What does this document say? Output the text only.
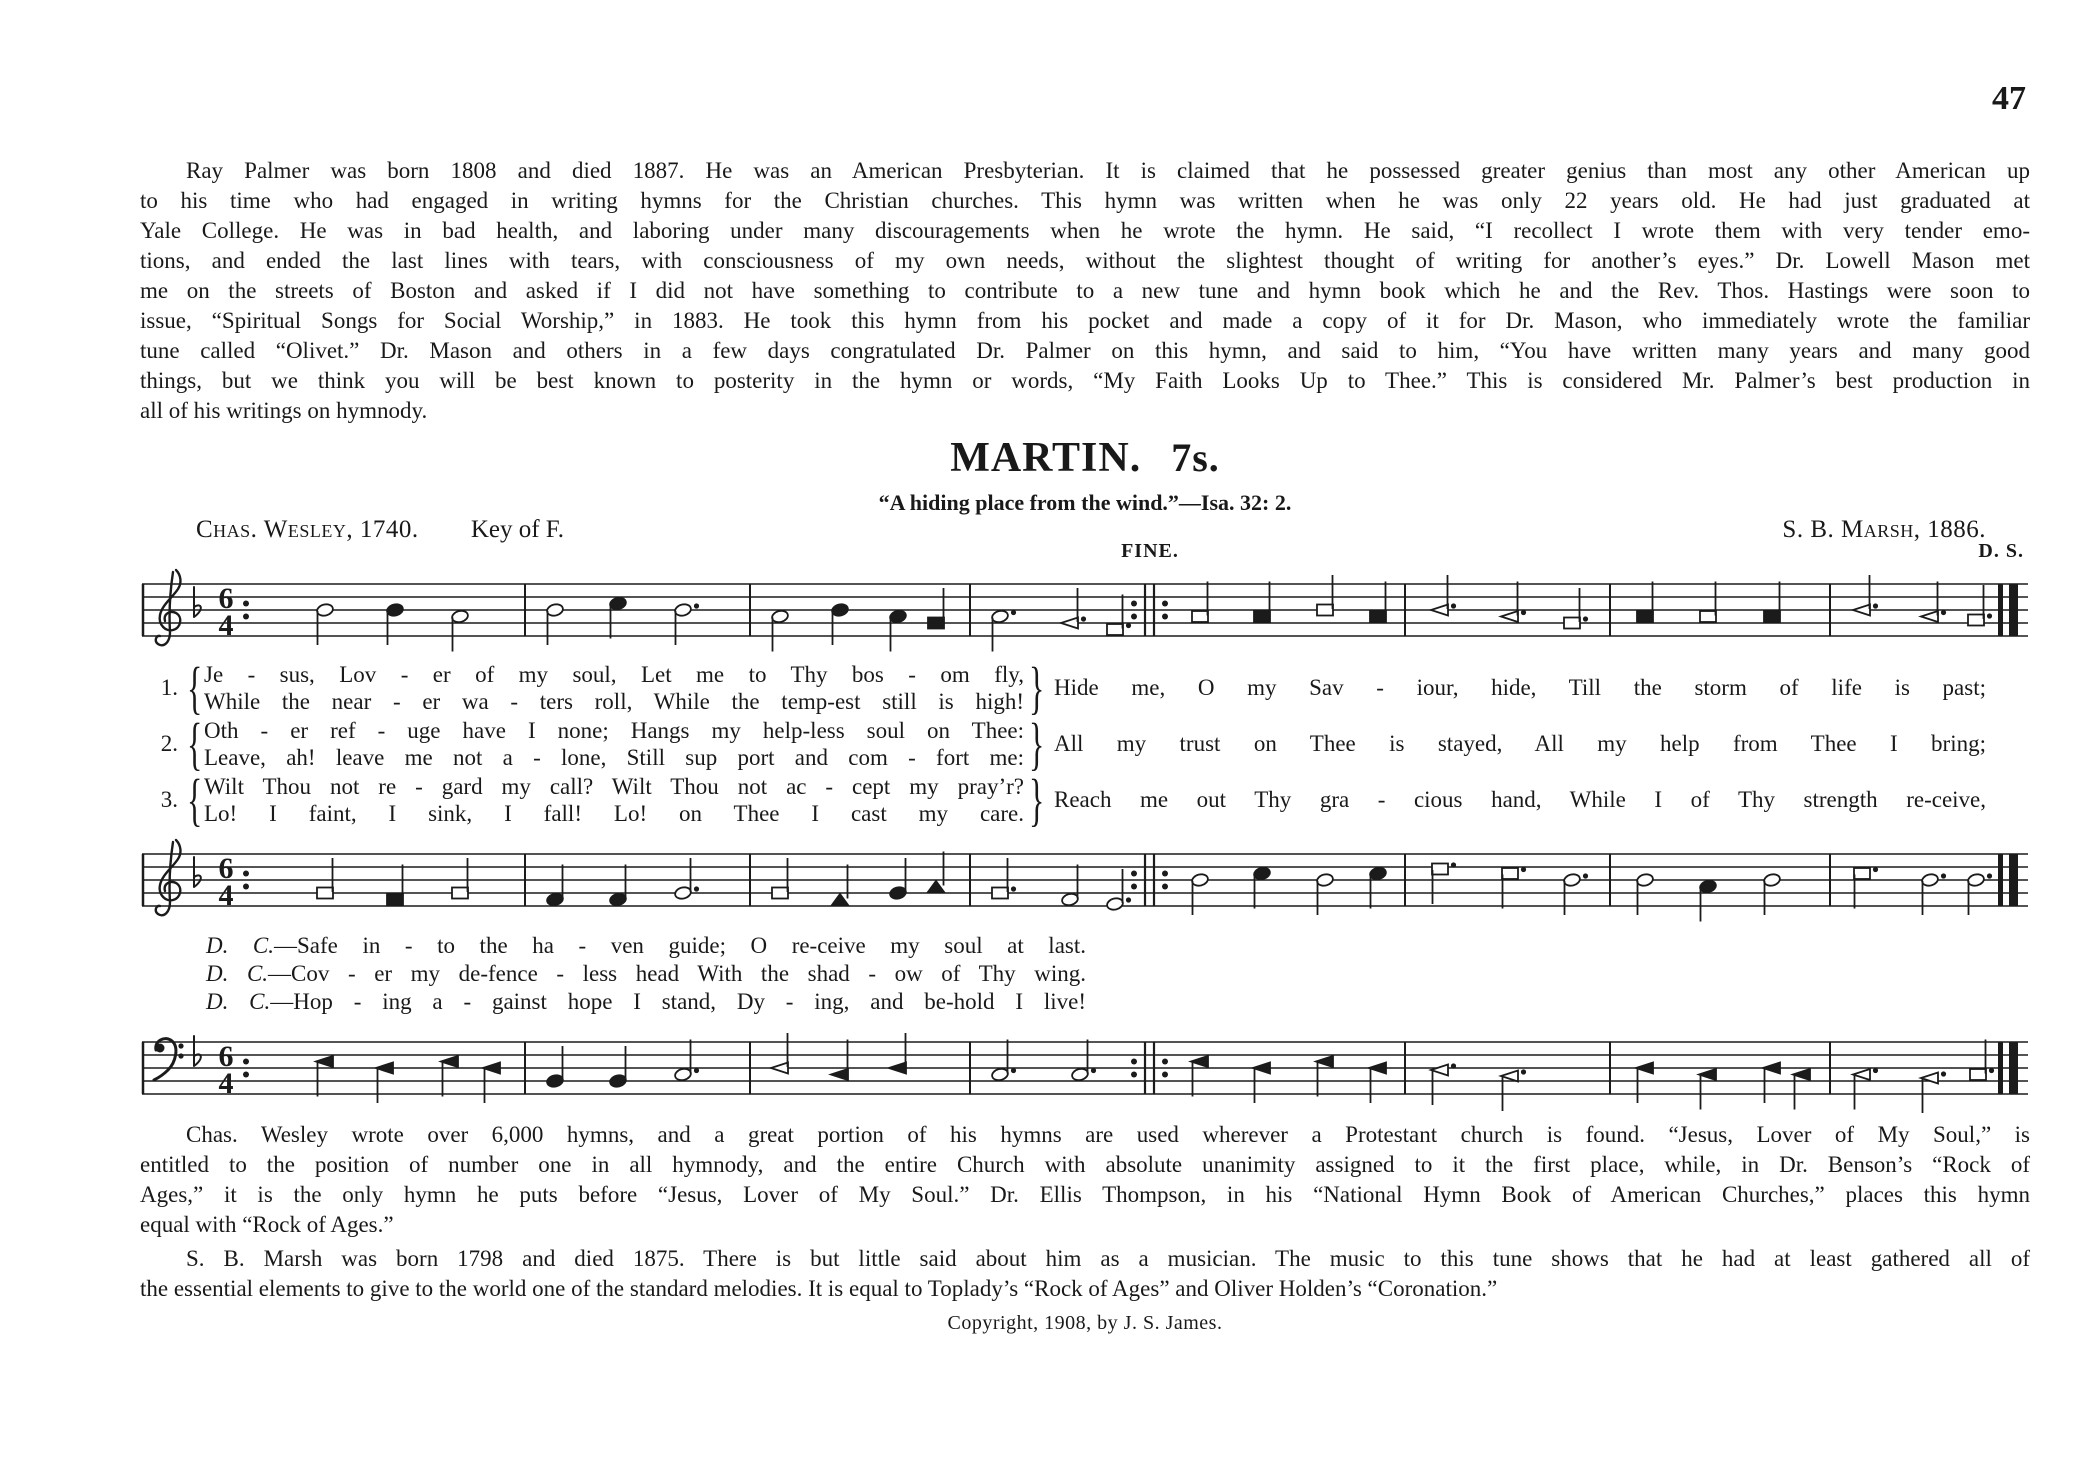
47
Ray Palmer was born 1808 and died 1887. He was an American Presbyterian. It is claimed that he possessed greater genius than most any other American up
to his time who had engaged in writing hymns for the Christian churches. This hymn was written when he was only 22 years old. He had just graduated at
Yale College. He was in bad health, and laboring under many discouragements when he wrote the hymn. He said, “I recollect I wrote them with very tender emo-
tions, and ended the last lines with tears, with consciousness of my own needs, without the slightest thought of writing for another’s eyes.” Dr. Lowell Mason met
me on the streets of Boston and asked if I did not have something to contribute to a new tune and hymn book which he and the Rev. Thos. Hastings were soon to
issue, “Spiritual Songs for Social Worship,” in 1883. He took this hymn from his pocket and made a copy of it for Dr. Mason, who immediately wrote the familiar
tune called “Olivet.” Dr. Mason and others in a few days congratulated Dr. Palmer on this hymn, and said to him, “You have written many years and many good
things, but we think you will be best known to posterity in the hymn or words, “My Faith Looks Up to Thee.” This is considered Mr. Palmer’s best production in
all of his writings on hymnody.
MARTIN. 7s.
“A hiding place from the wind.”—Isa. 32: 2.
Chas. Wesley, 1740. Key of F.	S. B. Marsh, 1886.
FINE.	D. S.
6
4
1. { Je - sus, Lov - er of my soul, Let me to Thy bos - om fly,
While the near - er wa - ters roll, While the temp-est still is high! } Hide me, O my Sav - iour, hide, Till the storm of life is past;
2. { Oth - er ref - uge have I none; Hangs my help-less soul on Thee:
Leave, ah! leave me not a - lone, Still sup port and com - fort me: } All my trust on Thee is stayed, All my help from Thee I bring;
3. { Wilt Thou not re - gard my call? Wilt Thou not ac - cept my pray’r?
Lo! I faint, I sink, I fall! Lo! on Thee I cast my care. } Reach me out Thy gra - cious hand, While I of Thy strength re-ceive,
6
4
D. C.—Safe in - to the ha - ven guide; O re-ceive my soul at last.
D. C.—Cov - er my de-fence - less head With the shad - ow of Thy wing.
D. C.—Hop - ing a - gainst hope I stand, Dy - ing, and be-hold I live!
6
4
Chas. Wesley wrote over 6,000 hymns, and a great portion of his hymns are used wherever a Protestant church is found. “Jesus, Lover of My Soul,” is
entitled to the position of number one in all hymnody, and the entire Church with absolute unanimity assigned to it the first place, while, in Dr. Benson’s “Rock of
Ages,” it is the only hymn he puts before “Jesus, Lover of My Soul.” Dr. Ellis Thompson, in his “National Hymn Book of American Churches,” places this hymn
equal with “Rock of Ages.”
S. B. Marsh was born 1798 and died 1875. There is but little said about him as a musician. The music to this tune shows that he had at least gathered all of
the essential elements to give to the world one of the standard melodies. It is equal to Toplady’s “Rock of Ages” and Oliver Holden’s “Coronation.”
Copyright, 1908, by J. S. James.
